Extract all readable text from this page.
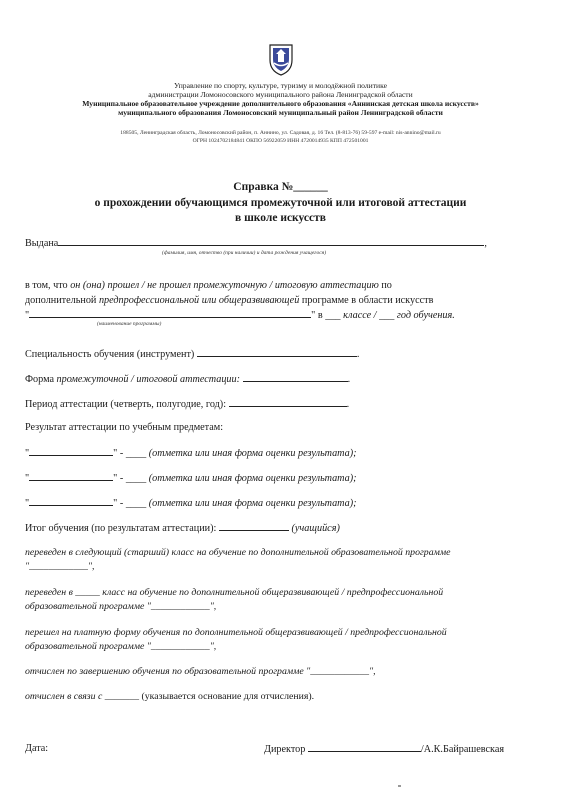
Управление по спорту, культуре, туризму и молодёжной политике
администрации Ломоносовского муниципального района Ленинградской области
Муниципальное образовательное учреждение дополнительного образования «Аннинская детская школа искусств»
муниципального образования Ломоносовский муниципальный район Ленинградской области
188505, Ленинградская область, Ломоносовский район, п. Аннино, ул. Садовая, д. 16 Тел. (8-813-76) 59-597 e-mail: nis-annino@mail.ru
ОГРН 1024702184841 ОКПО 56922059 ИНН 4720014935 КПП 472501001
Справка №______
о прохождении обучающимся промежуточной или итоговой аттестации
в школе искусств
Выдана	,
(фамилия, имя, отчество (при наличии) и дата рождения учащегося)
в том, что он (она) прошел / не прошел промежуточную / итоговую аттестацию по
дополнительной предпрофессиональной или общеразвивающей программе в области искусств
"	" в ___ классе / ___ год обучения.
(наименование программы)
Специальность обучения (инструмент)	.
Форма промежуточной / итоговой аттестации:	.
Период аттестации (четверть, полугодие, год):	.
Результат аттестации по учебным предметам:
"	" - ____ (отметка или иная форма оценки результата);
"	" - ____ (отметка или иная форма оценки результата);
"	" - ____ (отметка или иная форма оценки результата);
Итог обучения (по результатам аттестации):	(учащийся)
переведен в следующий (старший) класс на обучение по дополнительной образовательной программе
"____________",
переведен в _____ класс на обучение по дополнительной общеразвивающей / предпрофессиональной
образовательной программе "____________",
перешел на платную форму обучения по дополнительной общеразвивающей / предпрофессиональной
образовательной программе "____________",
отчислен по завершению обучения по образовательной программе "____________",
отчислен в связи с _______ (указывается основание для отчисления).
Дата:	Директор	/А.К.Байрашевская
